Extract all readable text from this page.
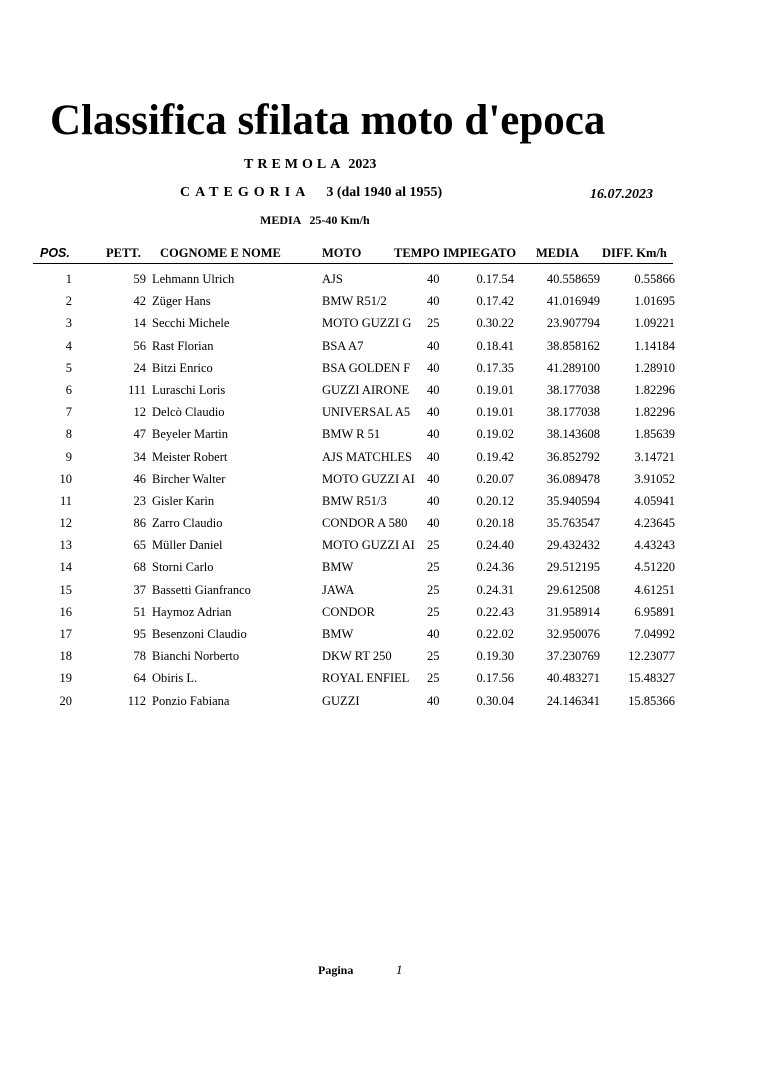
Classifica sfilata moto d'epoca
TREMOLA 2023
CATEGORIA 3 (dal 1940 al 1955)	16.07.2023
MEDIA 25-40 Km/h
POS.	PETT. COGNOME E NOME	MOTO	TEMPO IMPIEGATO MEDIA DIFF. Km/h
1	59 Lehmann Ulrich	AJS	40	0.17.54	40.558659	0.55866
2	42 Züger Hans	BMW R51/2	40	0.17.42	41.016949	1.01695
3	14 Secchi Michele	MOTO GUZZI G 25	0.30.22	23.907794	1.09221
4	56 Rast Florian	BSA A7	40	0.18.41	38.858162	1.14184
5	24 Bitzi Enrico	BSA GOLDEN F 40	0.17.35	41.289100	1.28910
6	111 Luraschi Loris	GUZZI AIRONE 40	0.19.01	38.177038	1.82296
7	12 Delcò Claudio	UNIVERSAL A5 40	0.19.01	38.177038	1.82296
8	47 Beyeler Martin	BMW R 51	40	0.19.02	38.143608	1.85639
9	34 Meister Robert	AJS MATCHLES 40	0.19.42	36.852792	3.14721
10	46 Bircher Walter	MOTO GUZZI AI 40	0.20.07	36.089478	3.91052
11	23 Gisler Karin	BMW R51/3	40	0.20.12	35.940594	4.05941
12	86 Zarro Claudio	CONDOR A 580 40	0.20.18	35.763547	4.23645
13	65 Müller Daniel	MOTO GUZZI AI 25	0.24.40	29.432432	4.43243
14	68 Storni Carlo	BMW	25	0.24.36	29.512195	4.51220
15	37 Bassetti Gianfranco	JAWA	25	0.24.31	29.612508	4.61251
16	51 Haymoz Adrian	CONDOR	25	0.22.43	31.958914	6.95891
17	95 Besenzoni Claudio	BMW	40	0.22.02	32.950076	7.04992
18	78 Bianchi Norberto	DKW RT 250	25	0.19.30	37.230769	12.23077
19	64 Obiris L.	ROYAL ENFIEL 25	0.17.56	40.483271	15.48327
20	112 Ponzio Fabiana	GUZZI	40	0.30.04	24.146341	15.85366
Pagina	1
